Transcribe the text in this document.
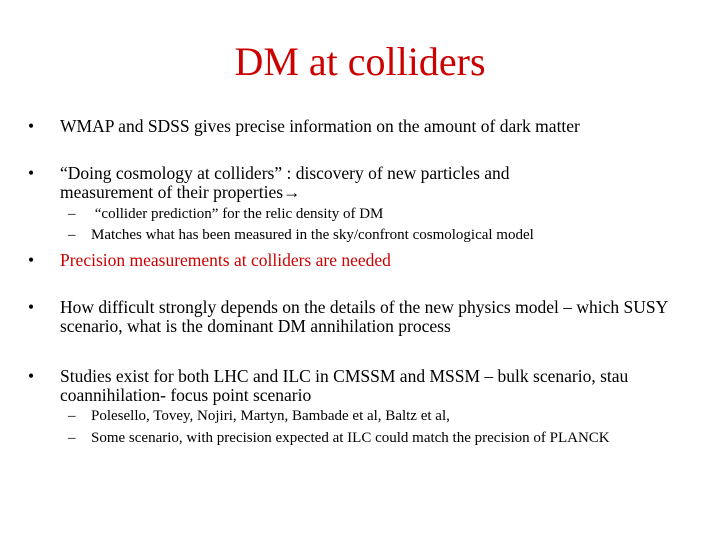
DM at colliders
• WMAP and SDSS gives precise information on the amount of dark matter
• “Doing cosmology at colliders” : discovery of new particles and measurement of their properties→
– “collider prediction” for the relic density of DM
– Matches what has been measured in the sky/confront cosmological model
• Precision measurements at colliders are needed
• How difficult strongly depends on the details of the new physics model – which SUSY scenario, what is the dominant DM annihilation process
• Studies exist for both LHC and ILC in CMSSM and MSSM – bulk scenario, stau coannihilation- focus point scenario
– Polesello, Tovey, Nojiri, Martyn, Bambade et al, Baltz et al,
– Some scenario, with precision expected at ILC could match the precision of PLANCK
